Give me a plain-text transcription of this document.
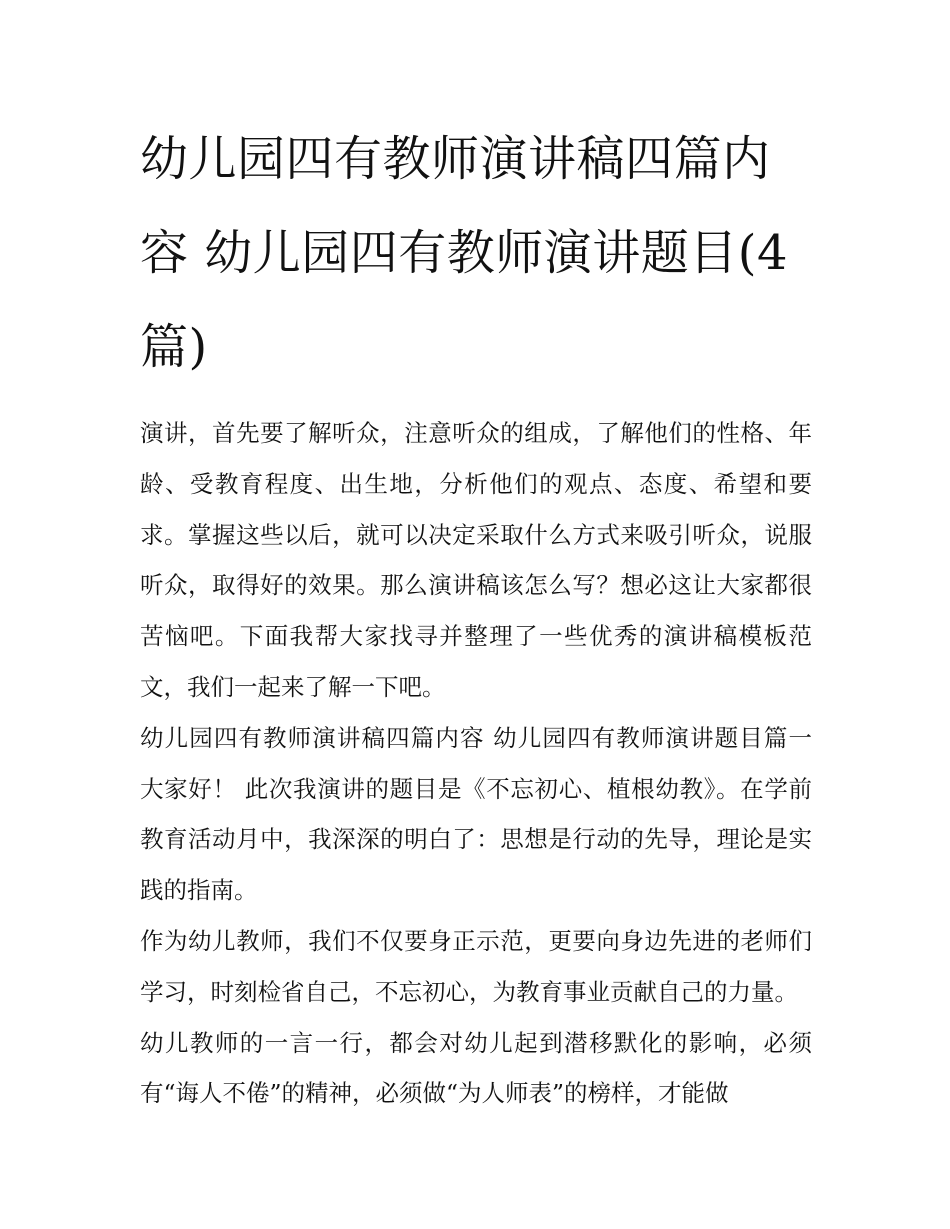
幼儿园四有教师演讲稿四篇内容 幼儿园四有教师演讲题目(4篇)

演讲，首先要了解听众，注意听众的组成，了解他们的性格、年龄、受教育程度、出生地，分析他们的观点、态度、希望和要求。掌握这些以后，就可以决定采取什么方式来吸引听众，说服听众，取得好的效果。那么演讲稿该怎么写？想必这让大家都很苦恼吧。下面我帮大家找寻并整理了一些优秀的演讲稿模板范文，我们一起来了解一下吧。

幼儿园四有教师演讲稿四篇内容 幼儿园四有教师演讲题目篇一 大家好！ 此次我演讲的题目是《不忘初心、植根幼教》。在学前教育活动月中，我深深的明白了：思想是行动的先导，理论是实践的指南。

作为幼儿教师，我们不仅要身正示范，更要向身边先进的老师们学习，时刻检省自己，不忘初心，为教育事业贡献自己的力量。

幼儿教师的一言一行，都会对幼儿起到潜移默化的影响，必须有“诲人不倦”的精神，必须做“为人师表”的榜样，才能做
